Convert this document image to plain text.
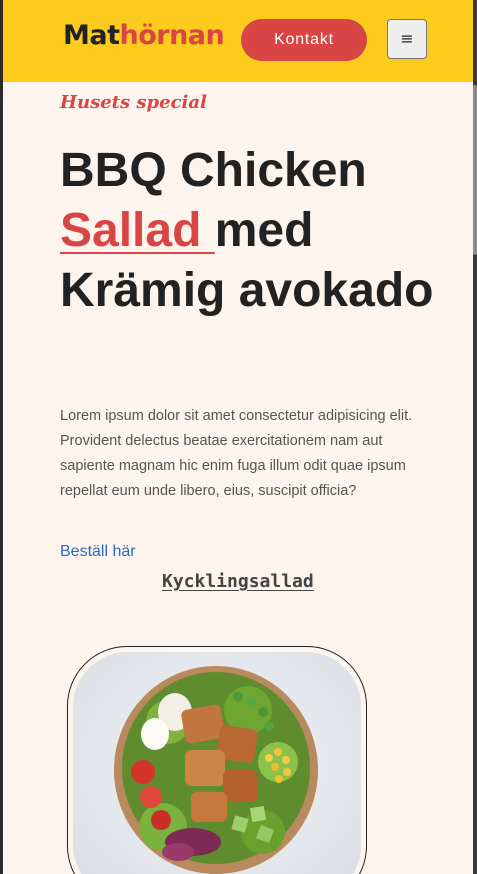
Mathörnan	Kontakt	≡
Husets special
BBQ Chicken Sallad med Krämig avokado

Lorem ipsum dolor sit amet consectetur adipisicing elit. Provident delectus beatae exercitationem nam aut sapiente magnam hic enim fuga illum odit quae ipsum repellat eum unde libero, eius, suscipit officia?

Beställ här
Kycklingsallad
